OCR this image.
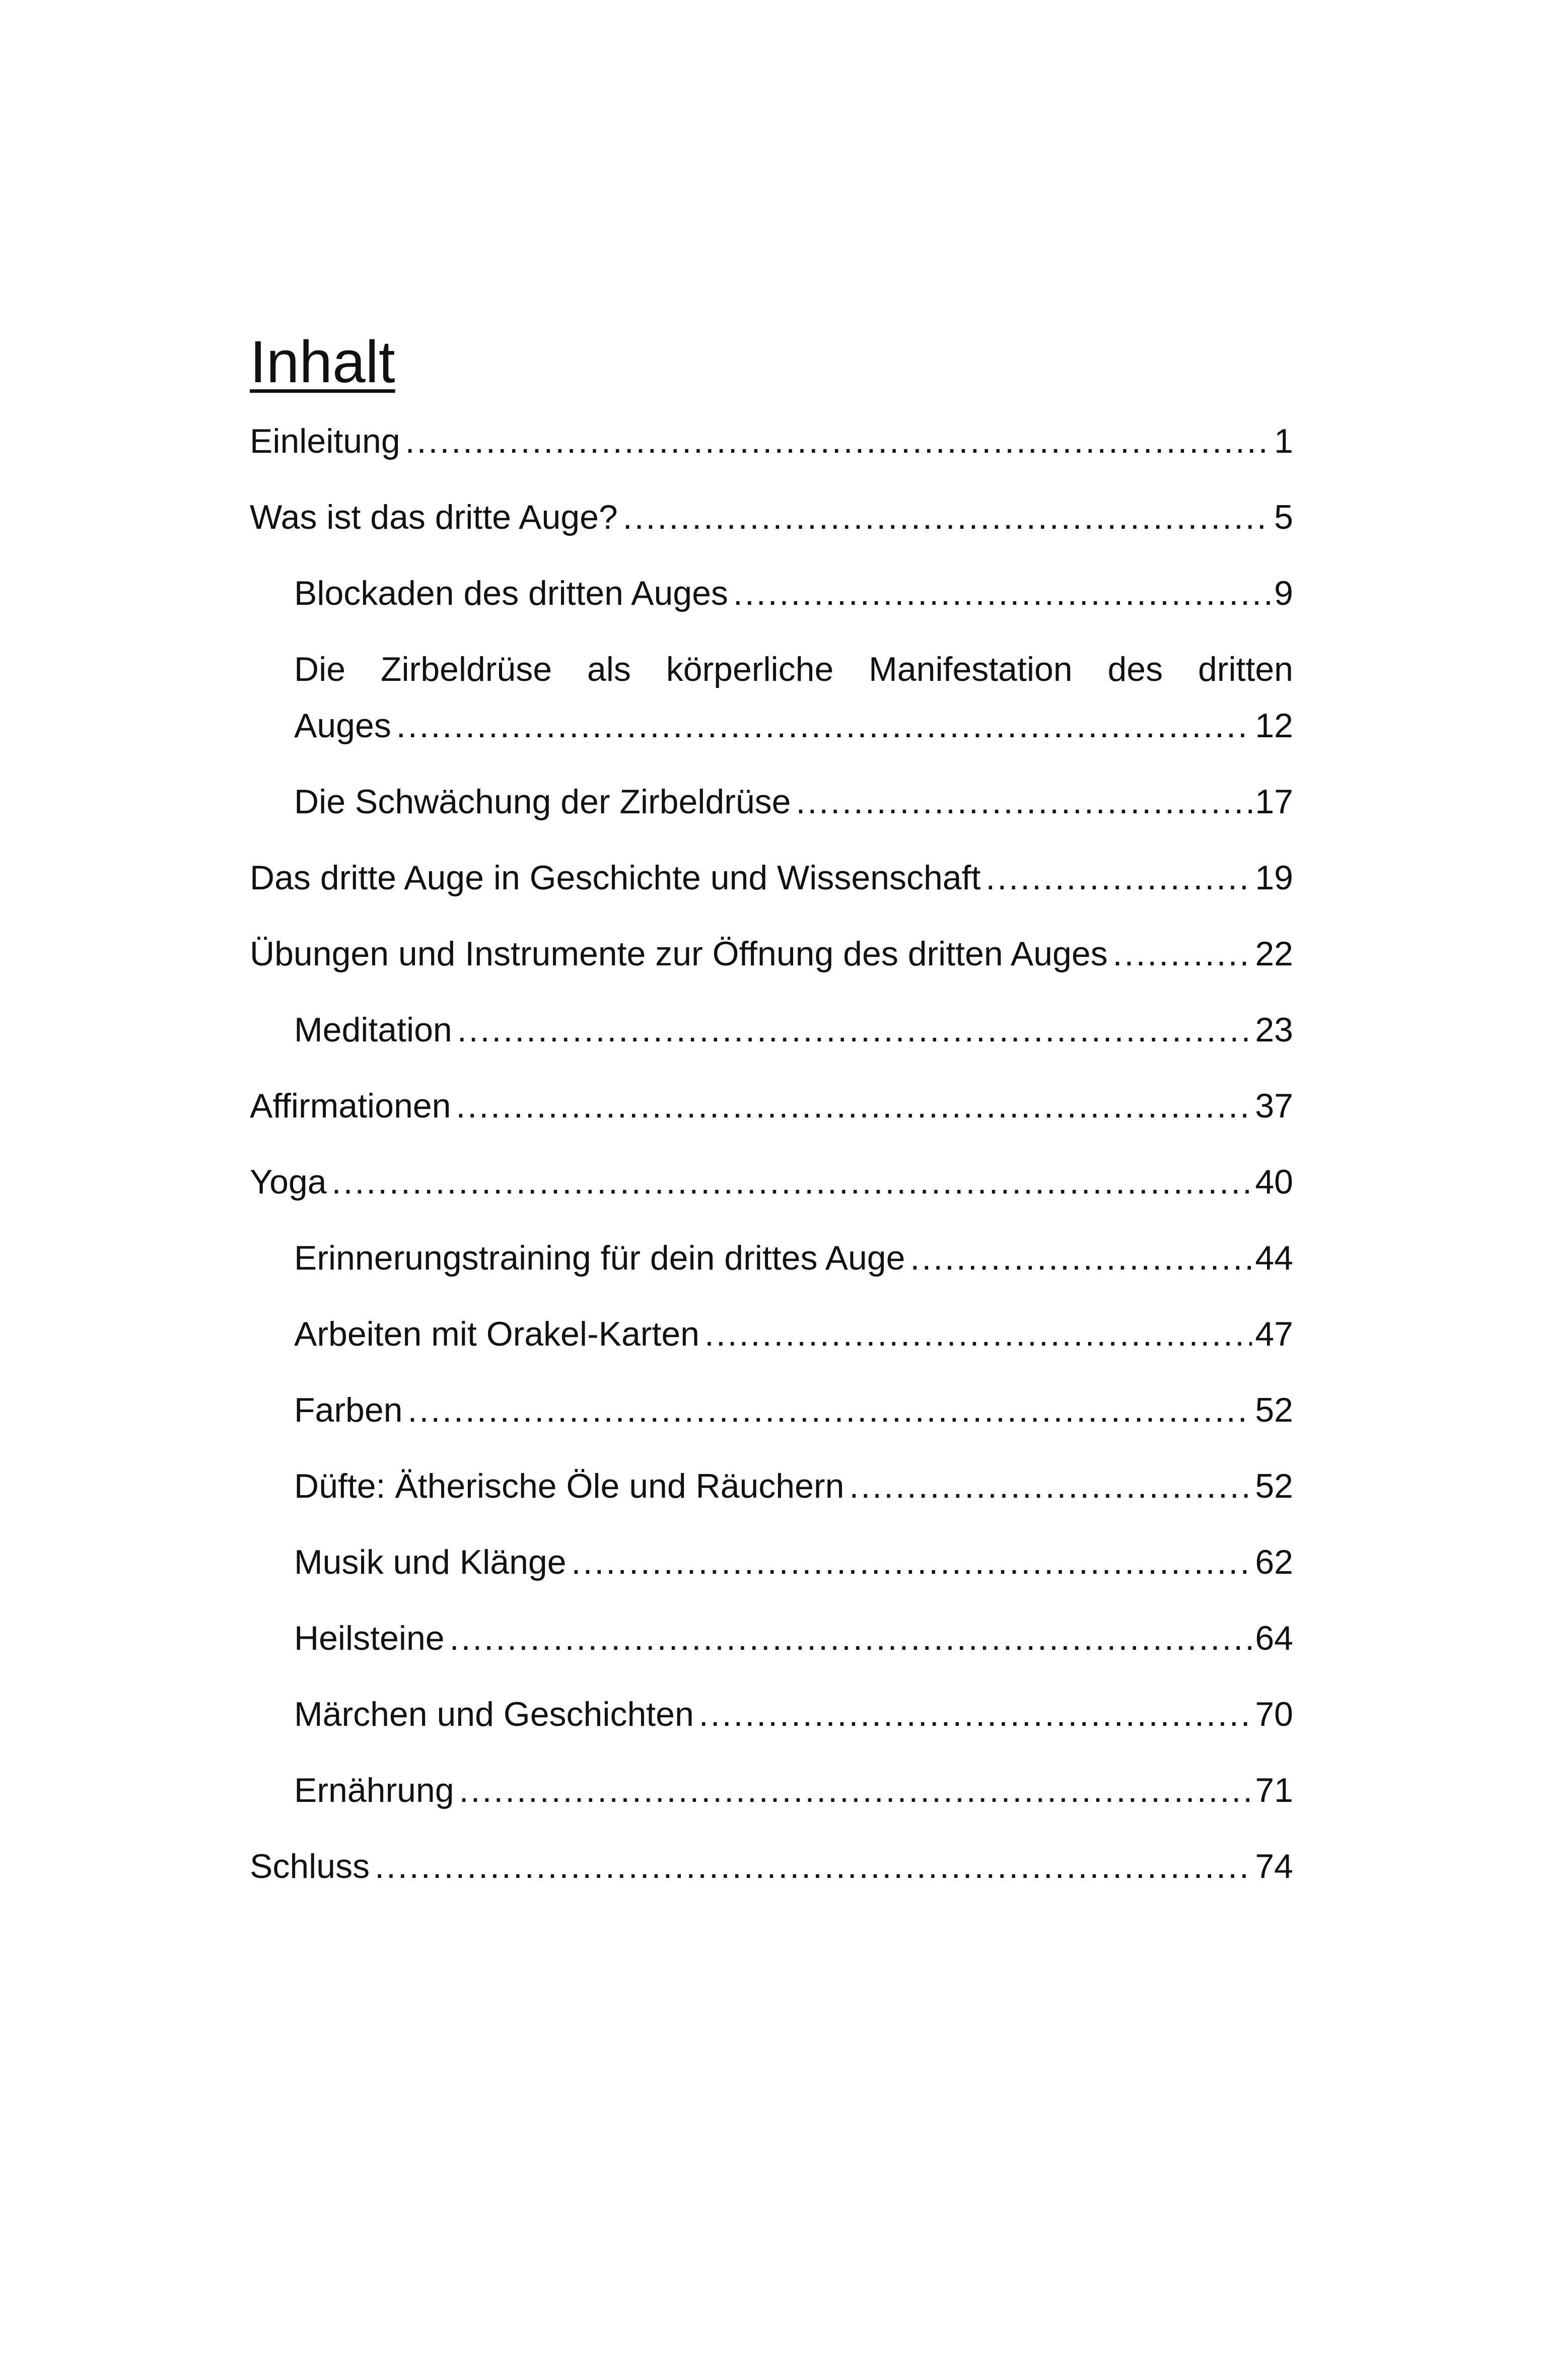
Inhalt
Einleitung .....	1
Was ist das dritte Auge? .....	5
Blockaden des dritten Auges .....	9
Die Zirbeldrüse als körperliche Manifestation des dritten
Auges .....	12
Die Schwächung der Zirbeldrüse .....	17
Das dritte Auge in Geschichte und Wissenschaft .....	19
Übungen und Instrumente zur Öffnung des dritten Auges .....	22
Meditation .....	23
Affirmationen .....	37
Yoga .....	40
Erinnerungstraining für dein drittes Auge .....	44
Arbeiten mit Orakel-Karten .....	47
Farben .....	52
Düfte: Ätherische Öle und Räuchern .....	52
Musik und Klänge .....	62
Heilsteine .....	64
Märchen und Geschichten .....	70
Ernährung .....	71
Schluss .....	74
